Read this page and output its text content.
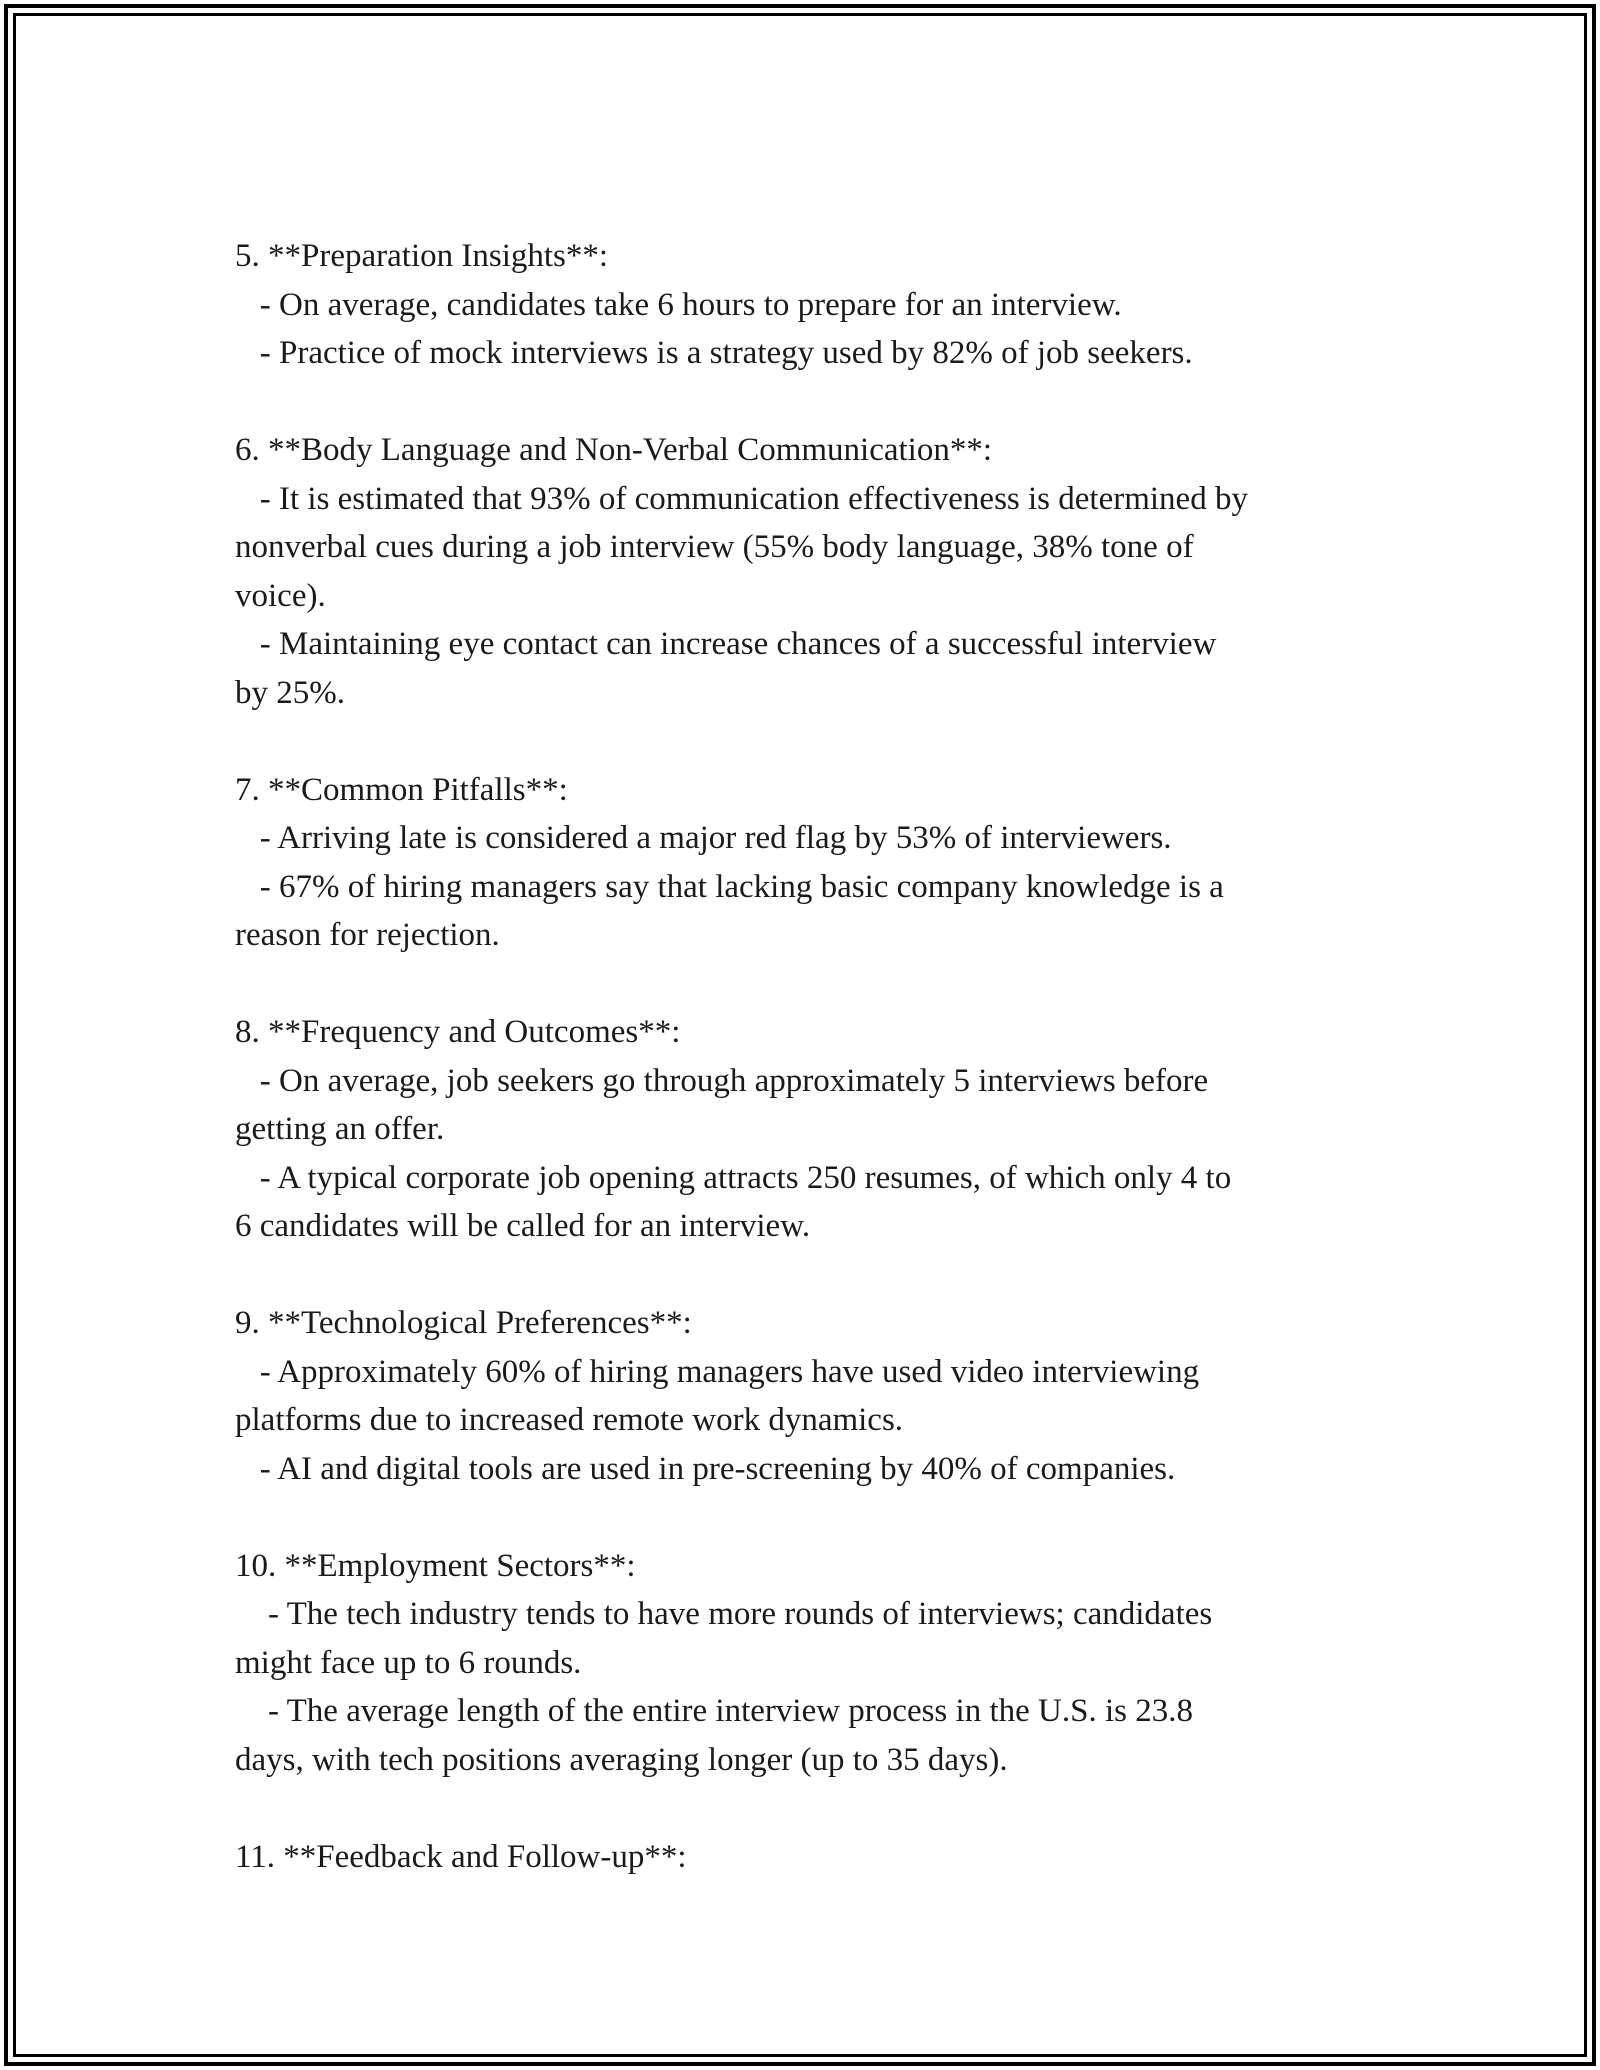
5. **Preparation Insights**:

- On average, candidates take 6 hours to prepare for an interview.

- Practice of mock interviews is a strategy used by 82% of job seekers.

6. **Body Language and Non-Verbal Communication**:

- It is estimated that 93% of communication effectiveness is determined by

nonverbal cues during a job interview (55% body language, 38% tone of

voice).

- Maintaining eye contact can increase chances of a successful interview

by 25%.

7. **Common Pitfalls**:

- Arriving late is considered a major red flag by 53% of interviewers.

- 67% of hiring managers say that lacking basic company knowledge is a

reason for rejection.

8. **Frequency and Outcomes**:

- On average, job seekers go through approximately 5 interviews before

getting an offer.

- A typical corporate job opening attracts 250 resumes, of which only 4 to

6 candidates will be called for an interview.

9. **Technological Preferences**:

- Approximately 60% of hiring managers have used video interviewing

platforms due to increased remote work dynamics.

- AI and digital tools are used in pre-screening by 40% of companies.

10. **Employment Sectors**:

- The tech industry tends to have more rounds of interviews; candidates

might face up to 6 rounds.

- The average length of the entire interview process in the U.S. is 23.8

days, with tech positions averaging longer (up to 35 days).

11. **Feedback and Follow-up**:
